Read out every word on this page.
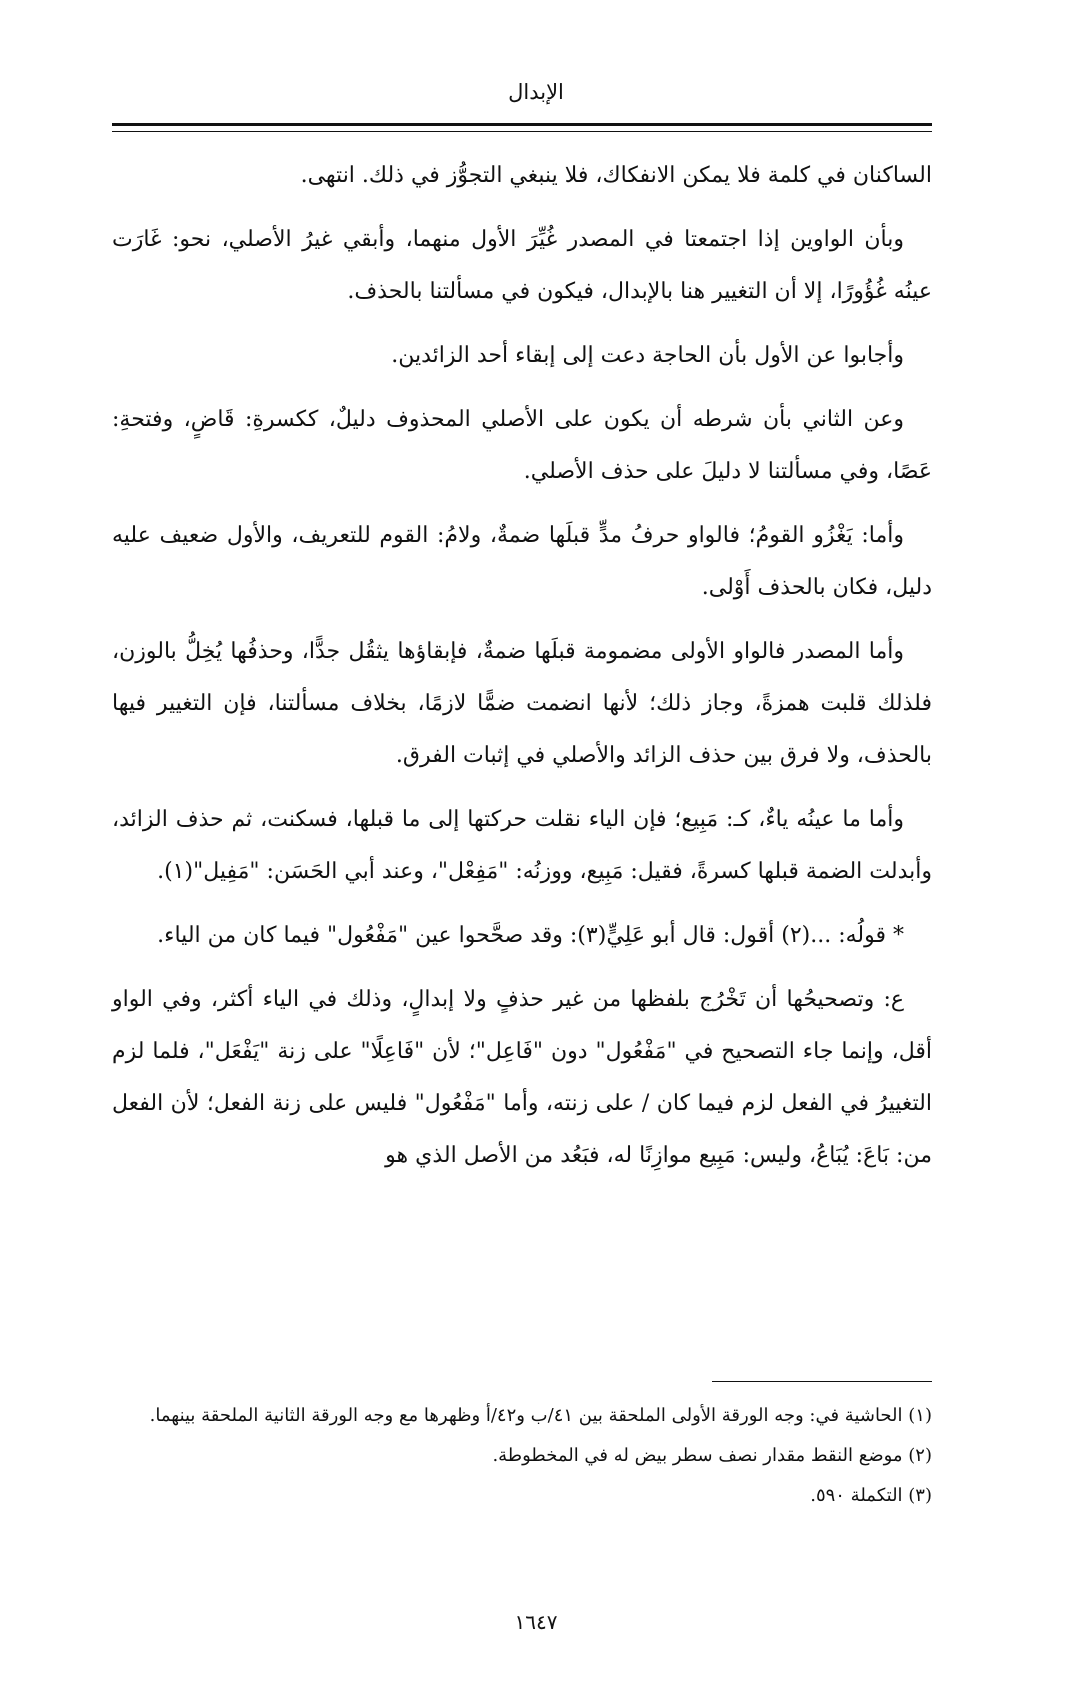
الإبدال

الساكنان في كلمة فلا يمكن الانفكاك، فلا ينبغي التجوُّز في ذلك. انتهى.

وبأن الواوين إذا اجتمعتا في المصدر غُيِّرَ الأول منهما، وأبقي غيرُ الأصلي، نحو: غَارَت عينُه غُؤُورًا، إلا أن التغيير هنا بالإبدال، فيكون في مسألتنا بالحذف.

وأجابوا عن الأول بأن الحاجة دعت إلى إبقاء أحد الزائدين.

وعن الثاني بأن شرطه أن يكون على الأصلي المحذوف دليلٌ، ككسرةِ: قَاضٍ، وفتحةِ: عَصًا، وفي مسألتنا لا دليلَ على حذف الأصلي.

وأما: يَغْزُو القومُ؛ فالواو حرفُ مدٍّ قبلَها ضمةٌ، ولامُ: القوم للتعريف، والأول ضعيف عليه دليل، فكان بالحذف أَوْلى.

وأما المصدر فالواو الأولى مضمومة قبلَها ضمةٌ، فإبقاؤها يثقُل جدًّا، وحذفُها يُخِلُّ بالوزن، فلذلك قلبت همزةً، وجاز ذلك؛ لأنها انضمت ضمًّا لازمًا، بخلاف مسألتنا، فإن التغيير فيها بالحذف، ولا فرق بين حذف الزائد والأصلي في إثبات الفرق.

وأما ما عينُه ياءٌ، كـ: مَبِيع؛ فإن الياء نقلت حركتها إلى ما قبلها، فسكنت، ثم حذف الزائد، وأبدلت الضمة قبلها كسرةً، فقيل: مَبِيع، ووزنُه: "مَفِعْل"، وعند أبي الحَسَن: "مَفِيل"(١).

* قولُه: ...(٢) أقول: قال أبو عَلِيٍّ(٣): وقد صحَّحوا عين "مَفْعُول" فيما كان من الياء.

ع: وتصحيحُها أن تَخْرُج بلفظها من غير حذفٍ ولا إبدالٍ، وذلك في الياء أكثر، وفي الواو أقل، وإنما جاء التصحيح في "مَفْعُول" دون "فَاعِل"؛ لأن "فَاعِلًا" على زنة "يَفْعَل"، فلما لزم التغييرُ في الفعل لزم فيما كان / على زنته، وأما "مَفْعُول" فليس على زنة الفعل؛ لأن الفعل من: بَاعَ: يُبَاعُ، وليس: مَبِيع موازِنًا له، فبَعُد من الأصل الذي هو

(١) الحاشية في: وجه الورقة الأولى الملحقة بين ٤١/ب و٤٢/أ وظهرها مع وجه الورقة الثانية الملحقة بينهما.

(٢) موضع النقط مقدار نصف سطر بيض له في المخطوطة.

(٣) التكملة ٥٩٠.

١٦٤٧
